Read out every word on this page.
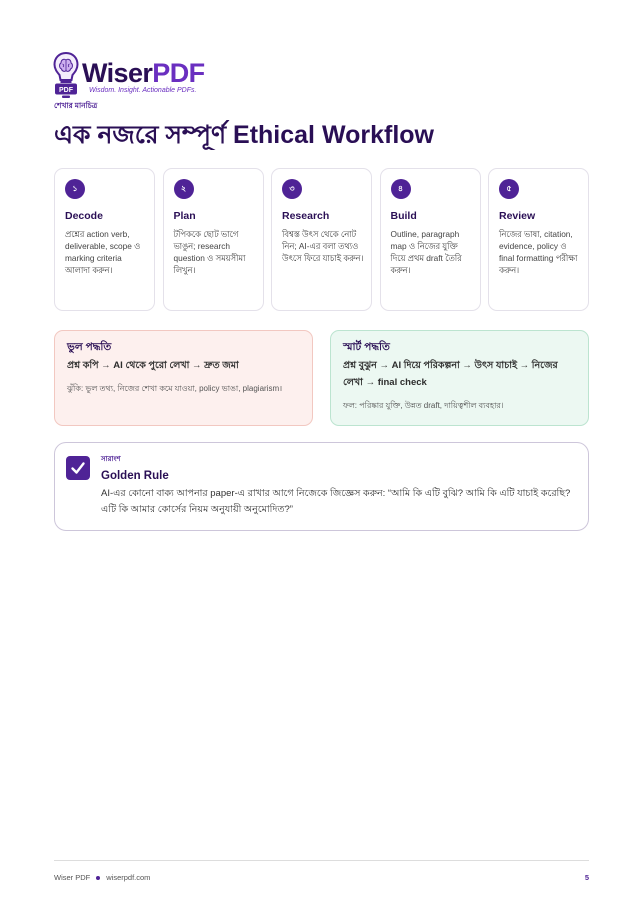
PDF
WiserPDF
Wisdom. Insight. Actionable PDFs.
শেখার মানচিত্র
এক নজরে সম্পূর্ণ Ethical Workflow
১
Decode
প্রশ্নের action verb, deliverable, scope ও marking criteria আলাদা করুন।
২
Plan
টপিককে ছোট ভাগে ভাঙুন; research question ও সময়সীমা লিখুন।
৩
Research
বিশ্বস্ত উৎস থেকে নোট নিন; AI-এর বলা তথ্যও উৎসে ফিরে যাচাই করুন।
৪
Build
Outline, paragraph map ও নিজের যুক্তি দিয়ে প্রথম draft তৈরি করুন।
৫
Review
নিজের ভাষা, citation, evidence, policy ও final formatting পরীক্ষা করুন।
ভুল পদ্ধতি
প্রশ্ন কপি → AI থেকে পুরো লেখা → দ্রুত জমা
ঝুঁকি: ভুল তথ্য, নিজের শেখা কমে যাওয়া, policy ভাঙা, plagiarism।
স্মার্ট পদ্ধতি
প্রশ্ন বুঝুন → AI দিয়ে পরিকল্পনা → উৎস যাচাই → নিজের লেখা → final check
ফল: পরিষ্কার যুক্তি, উন্নত draft, দায়িত্বশীল ব্যবহার।
সারাংশ
Golden Rule
AI-এর কোনো বাক্য আপনার paper-এ রাখার আগে নিজেকে জিজ্ঞেস করুন: “আমি কি এটি বুঝি? আমি কি এটি যাচাই করেছি? এটি কি আমার কোর্সের নিয়ম অনুযায়ী অনুমোদিত?”
Wiser PDF wiserpdf.com	5
